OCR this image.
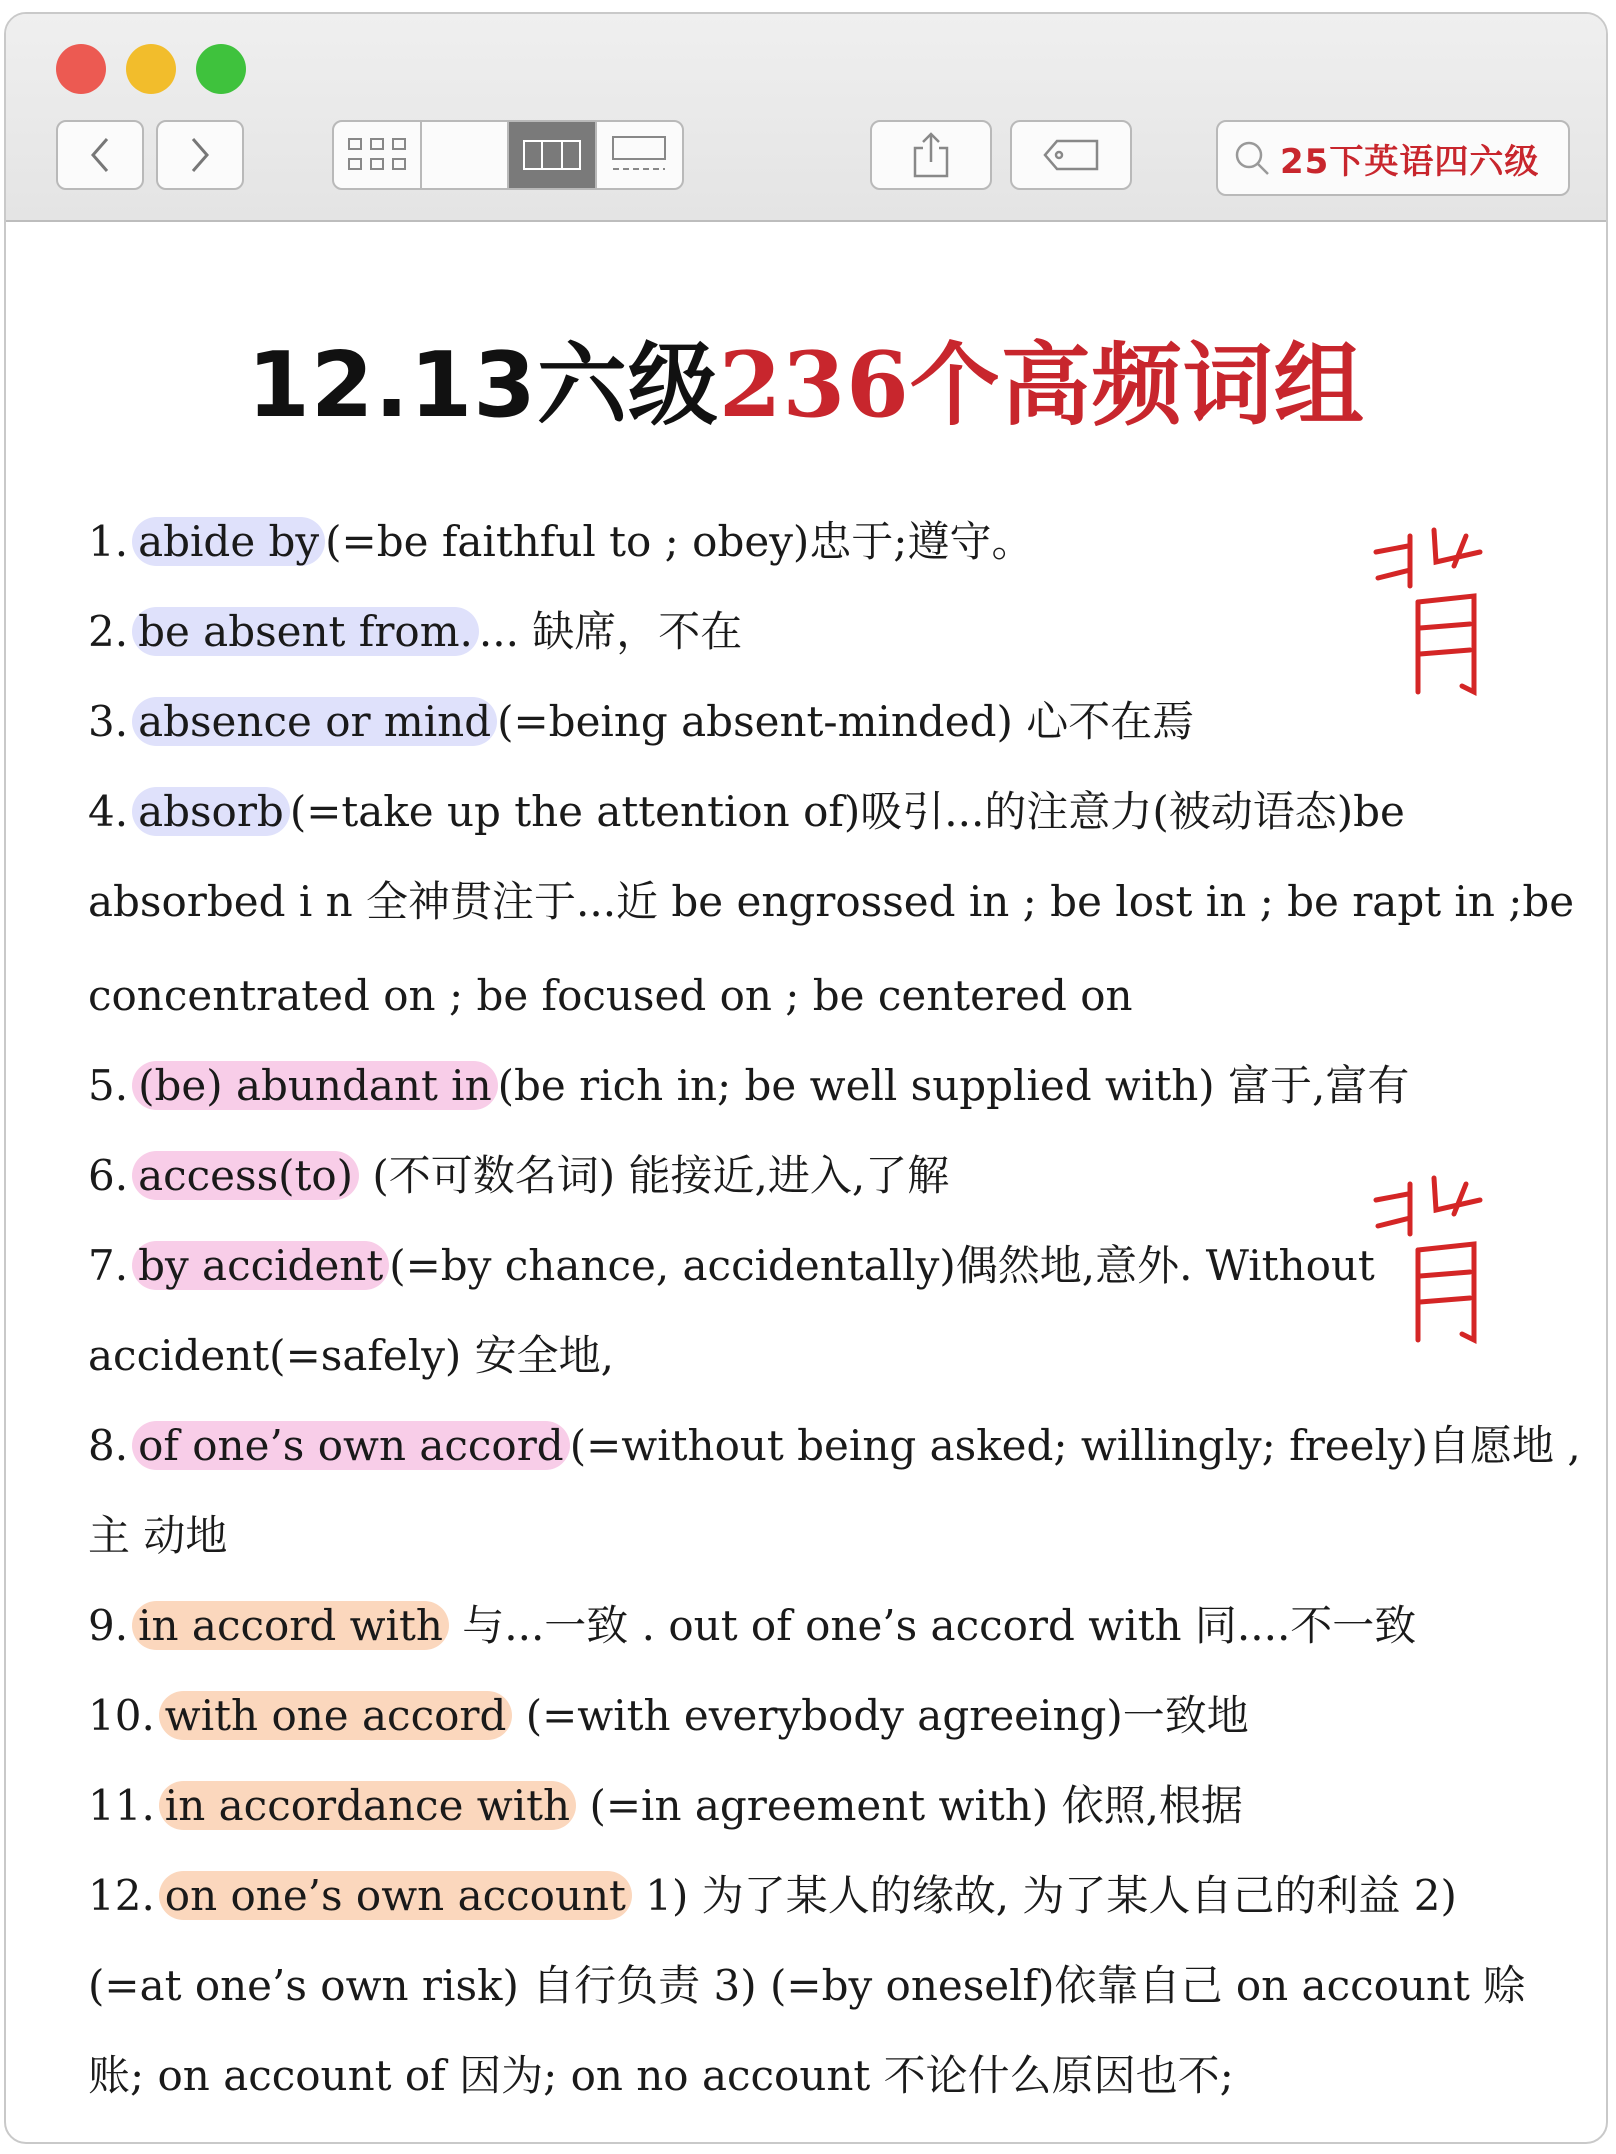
25下英语四六级
12.13六级236个高频词组
1. abide by (=be faithful to ; obey)忠于;遵守。
2. be absent from. ... 缺席，不在
3. absence or mind (=being absent-minded) 心不在焉
4. absorb (=take up the attention of)吸引...的注意力(被动语态)be
absorbed i n 全神贯注于...近 be engrossed in ; be lost in ; be rapt in ;be
concentrated on ; be focused on ; be centered on
5. (be) abundant in (be rich in; be well supplied with) 富于,富有
6. access(to) (不可数名词) 能接近,进入,了解
7. by accident (=by chance, accidentally)偶然地,意外. Without
accident(=safely) 安全地,
8. of one’s own accord (=without being asked; willingly; freely)自愿地 ,
主 动地
9. in accord with 与...一致 . out of one’s accord with 同....不一致
10. with one accord (=with everybody agreeing)一致地
11. in accordance with (=in agreement with) 依照,根据
12. on one’s own account 1) 为了某人的缘故, 为了某人自己的利益 2)
(=at one’s own risk) 自行负责 3) (=by oneself)依靠自己 on account 赊
账; on account of 因为; on no account 不论什么原因也不;
